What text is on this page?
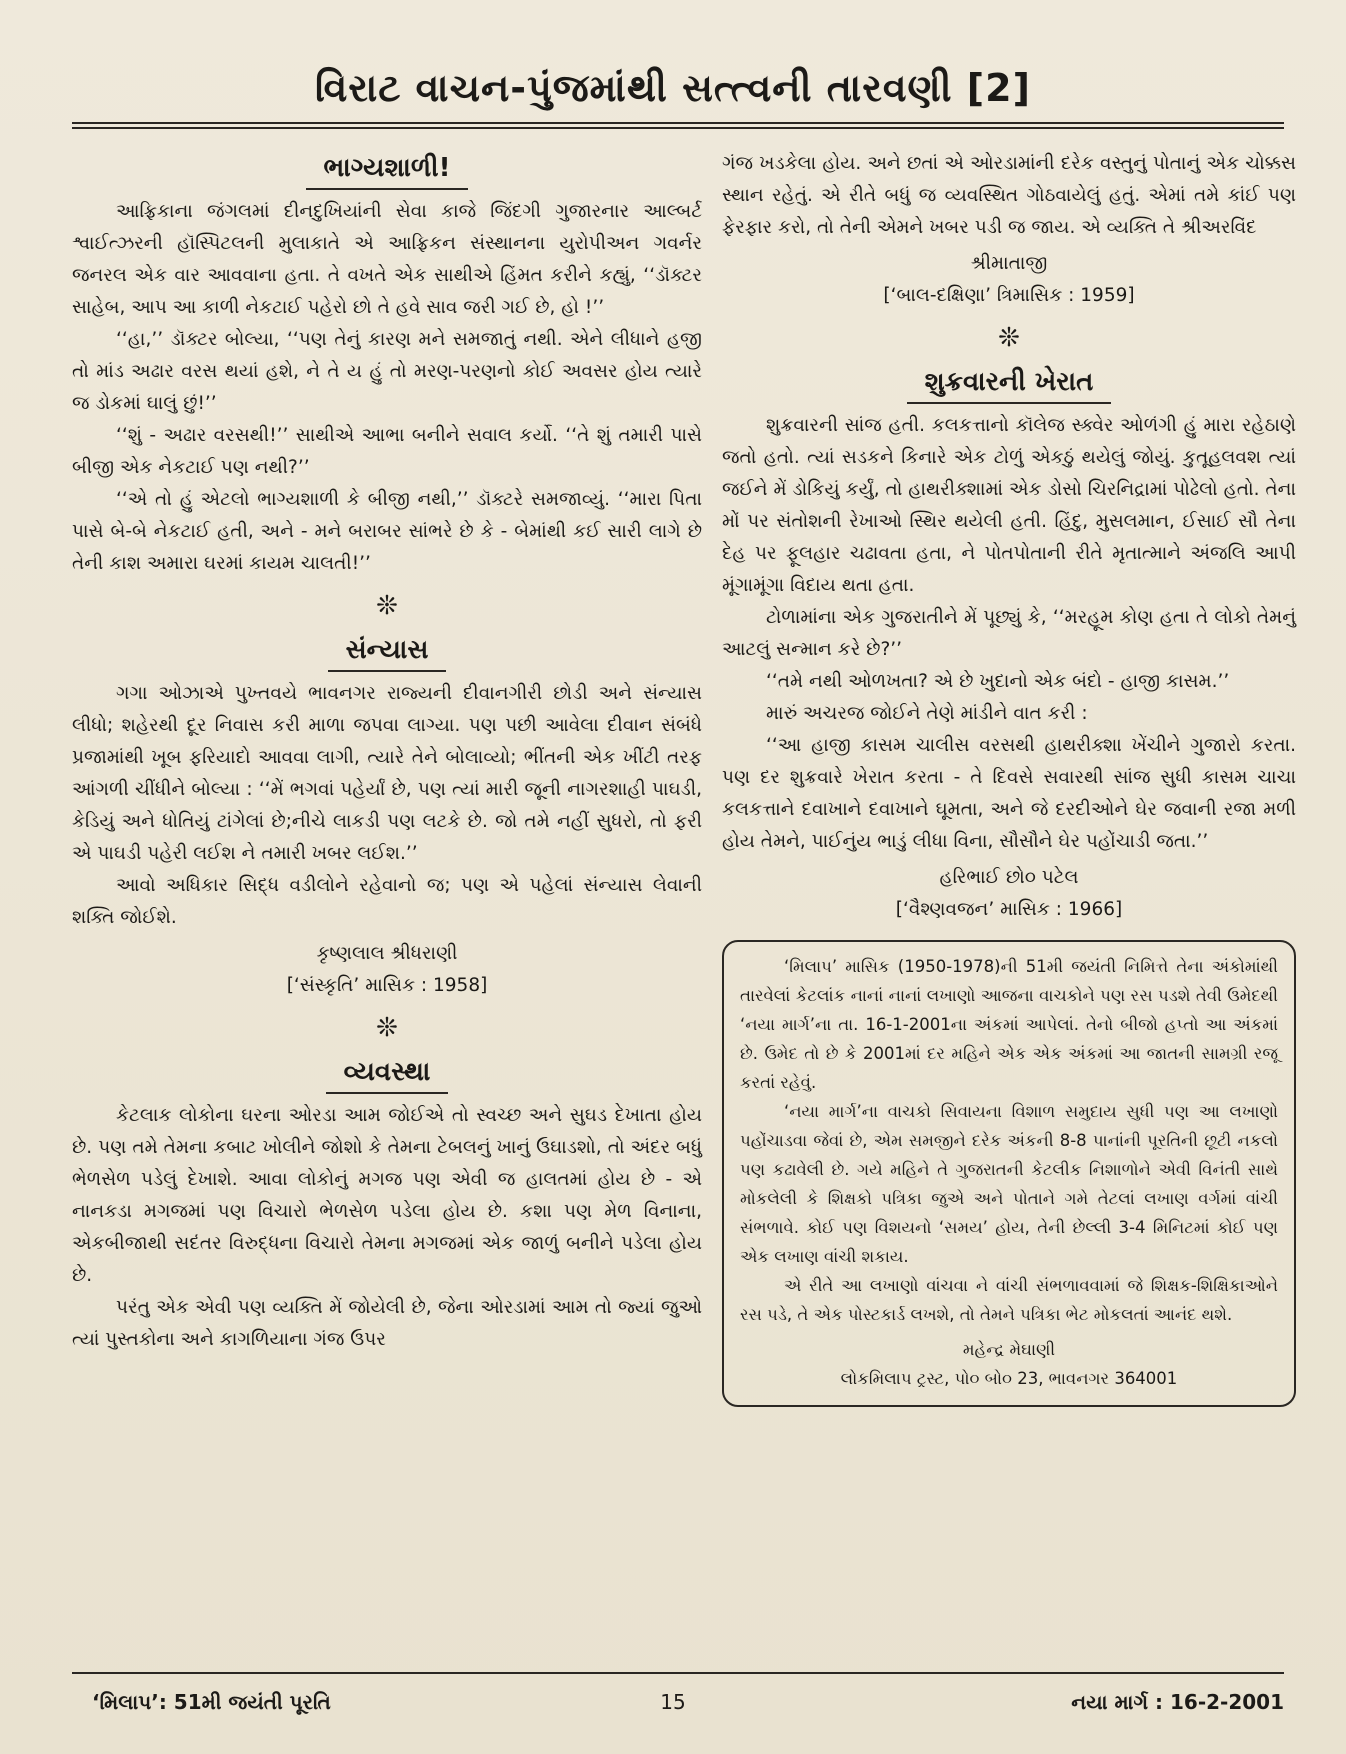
વિરાટ વાચન-પુંજમાંથી સત્ત્વની તારવણી [2]
ભાગ્યશાળી!

આફ્રિકાના જંગલમાં દીનદુખિયાંની સેવા કાજે જિંદગી ગુજારનાર આલ્બર્ટ શ્વાઈત્ઝરની હૉસ્પિટલની મુલાકાતે એ આફ્રિકન સંસ્થાનના યુરોપીઅન ગવર્નર જનરલ એક વાર આવવાના હતા. તે વખતે એક સાથીએ હિંમત કરીને કહ્યું, ‘‘ડૉક્ટર સાહેબ, આપ આ કાળી નેકટાઈ પહેરો છો તે હવે સાવ જરી ગઈ છે, હો !’’

‘‘હા,’’ ડૉક્ટર બોલ્યા, ‘‘પણ તેનું કારણ મને સમજાતું નથી. એને લીધાને હજી તો માંડ અઢાર વરસ થયાં હશે, ને તે ય હું તો મરણ-પરણનો કોઈ અવસર હોય ત્યારે જ ડોકમાં ઘાલું છું!’’

‘‘શું - અઢાર વરસથી!’’ સાથીએ આભા બનીને સવાલ કર્યો. ‘‘તે શું તમારી પાસે બીજી એક નેકટાઈ પણ નથી?’’

‘‘એ તો હું એટલો ભાગ્યશાળી કે બીજી નથી,’’ ડૉક્ટરે સમજાવ્યું. ‘‘મારા પિતા પાસે બે-બે નેકટાઈ હતી, અને - મને બરાબર સાંભરે છે કે - બેમાંથી કઈ સારી લાગે છે તેની કાશ અમારા ઘરમાં કાયમ ચાલતી!’’

❊
સંન્યાસ

ગગા ઓઝાએ પુખ્તવયે ભાવનગર રાજ્યની દીવાનગીરી છોડી અને સંન્યાસ લીધો; શહેરથી દૂર નિવાસ કરી માળા જપવા લાગ્યા. પણ પછી આવેલા દીવાન સંબંધે પ્રજામાંથી ખૂબ ફરિયાદો આવવા લાગી, ત્યારે તેને બોલાવ્યો; ભીંતની એક ખીંટી તરફ આંગળી ચીંધીને બોલ્યા : ‘‘મેં ભગવાં પહેર્યાં છે, પણ ત્યાં મારી જૂની નાગરશાહી પાઘડી, કેડિયું અને ધોતિયું ટાંગેલાં છે;નીચે લાકડી પણ લટકે છે. જો તમે નહીં સુધરો, તો ફરી એ પાઘડી પહેરી લઈશ ને તમારી ખબર લઈશ.’’

આવો અધિકાર સિદ્ધ વડીલોને રહેવાનો જ; પણ એ પહેલાં સંન્યાસ લેવાની શક્તિ જોઈશે.

કૃષ્ણલાલ શ્રીધરાણી

[‘સંસ્કૃતિ’ માસિક : 1958]

❊
વ્યવસ્થા

કેટલાક લોકોના ઘરના ઓરડા આમ જોઈએ તો સ્વચ્છ અને સુઘડ દેખાતા હોય છે. પણ તમે તેમના કબાટ ખોલીને જોશો કે તેમના ટેબલનું ખાનું ઉઘાડશો, તો અંદર બધું ભેળસેળ પડેલું દેખાશે. આવા લોકોનું મગજ પણ એવી જ હાલતમાં હોય છે - એ નાનકડા મગજમાં પણ વિચારો ભેળસેળ પડેલા હોય છે. કશા પણ મેળ વિનાના, એકબીજાથી સદંતર વિરુદ્ધના વિચારો તેમના મગજમાં એક જાળું બનીને પડેલા હોય છે.

પરંતુ એક એવી પણ વ્યક્તિ મેં જોયેલી છે, જેના ઓરડામાં આમ તો જ્યાં જુઓ ત્યાં પુસ્તકોના અને કાગળિયાના ગંજ ઉપર

ગંજ ખડકેલા હોય. અને છતાં એ ઓરડામાંની દરેક વસ્તુનું પોતાનું એક ચોક્કસ સ્થાન રહેતું. એ રીતે બધું જ વ્યવસ્થિત ગોઠવાયેલું હતું. એમાં તમે કાંઈ પણ ફેરફાર કરો, તો તેની એમને ખબર પડી જ જાય. એ વ્યક્તિ તે શ્રીઅરવિંદ

શ્રીમાતાજી

[‘બાલ-દક્ષિણા’ ત્રિમાસિક : 1959]

❊
શુક્રવારની ખેરાત

શુક્રવારની સાંજ હતી. કલકત્તાનો કૉલેજ સ્ક્વેર ઓળંગી હું મારા રહેઠાણે જતો હતો. ત્યાં સડકને કિનારે એક ટોળું એકઠું થયેલું જોયું. કુતૂહલવશ ત્યાં જઈને મેં ડોકિયું કર્યું, તો હાથરીક્શામાં એક ડોસો ચિરનિદ્રામાં પોઢેલો હતો. તેના મોં પર સંતોશની રેખાઓ સ્થિર થયેલી હતી. હિંદુ, મુસલમાન, ઈસાઈ સૌ તેના દેહ પર ફૂલહાર ચઢાવતા હતા, ને પોતપોતાની રીતે મૃતાત્માને અંજલિ આપી મૂંગામૂંગા વિદાય થતા હતા.

ટોળામાંના એક ગુજરાતીને મેં પૂછ્યું કે, ‘‘મરહૂમ કોણ હતા તે લોકો તેમનું આટલું સન્માન કરે છે?’’

‘‘તમે નથી ઓળખતા? એ છે ખુદાનો એક બંદો - હાજી કાસમ.’’

મારું અચરજ જોઈને તેણે માંડીને વાત કરી :

‘‘આ હાજી કાસમ ચાલીસ વરસથી હાથરીક્શા ખેંચીને ગુજારો કરતા. પણ દર શુક્રવારે ખેરાત કરતા - તે દિવસે સવારથી સાંજ સુધી કાસમ ચાચા કલકત્તાને દવાખાને દવાખાને ઘૂમતા, અને જે દરદીઓને ઘેર જવાની રજા મળી હોય તેમને, પાઈનુંય ભાડું લીધા વિના, સૌસૌને ઘેર પહોંચાડી જતા.’’

હરિભાઈ છો૦ પટેલ

[‘વૈશ્ણવજન’ માસિક : 1966]

‘મિલાપ’ માસિક (1950-1978)ની 51મી જયંતી નિમિત્તે તેના અંકોમાંથી તારવેલાં કેટલાંક નાનાં નાનાં લખાણો આજના વાચકોને પણ રસ પડશે તેવી ઉમેદથી ‘નયા માર્ગ’ના તા. 16-1-2001ના અંકમાં આપેલાં. તેનો બીજો હપ્તો આ અંકમાં છે. ઉમેદ તો છે કે 2001માં દર મહિને એક એક અંકમાં આ જાતની સામગ્રી રજૂ કરતાં રહેવું.

‘નયા માર્ગ’ના વાચકો સિવાયના વિશાળ સમુદાય સુધી પણ આ લખાણો પહોંચાડવા જેવાં છે, એમ સમજીને દરેક અંકની 8-8 પાનાંની પૂરતિની છૂટી નકલો પણ કઢાવેલી છે. ગયે મહિને તે ગુજરાતની કેટલીક નિશાળોને એવી વિનંતી સાથે મોકલેલી કે શિક્ષકો પત્રિકા જુએ અને પોતાને ગમે તેટલાં લખાણ વર્ગમાં વાંચી સંભળાવે. કોઈ પણ વિશયનો ‘સમય’ હોય, તેની છેલ્લી 3-4 મિનિટમાં કોઈ પણ એક લખાણ વાંચી શકાય.

એ રીતે આ લખાણો વાંચવા ને વાંચી સંભળાવવામાં જે શિક્ષક-શિક્ષિકાઓને રસ પડે, તે એક પોસ્ટકાર્ડ લખશે, તો તેમને પત્રિકા ભેટ મોકલતાં આનંદ થશે.

મહેન્દ્ર મેઘાણી

લોકમિલાપ ટ્રસ્ટ, પો૦ બો૦ 23, ભાવનગર 364001

‘મિલાપ’: 51મી જયંતી પૂરતિ	15	નયા માર્ગ : 16-2-2001
